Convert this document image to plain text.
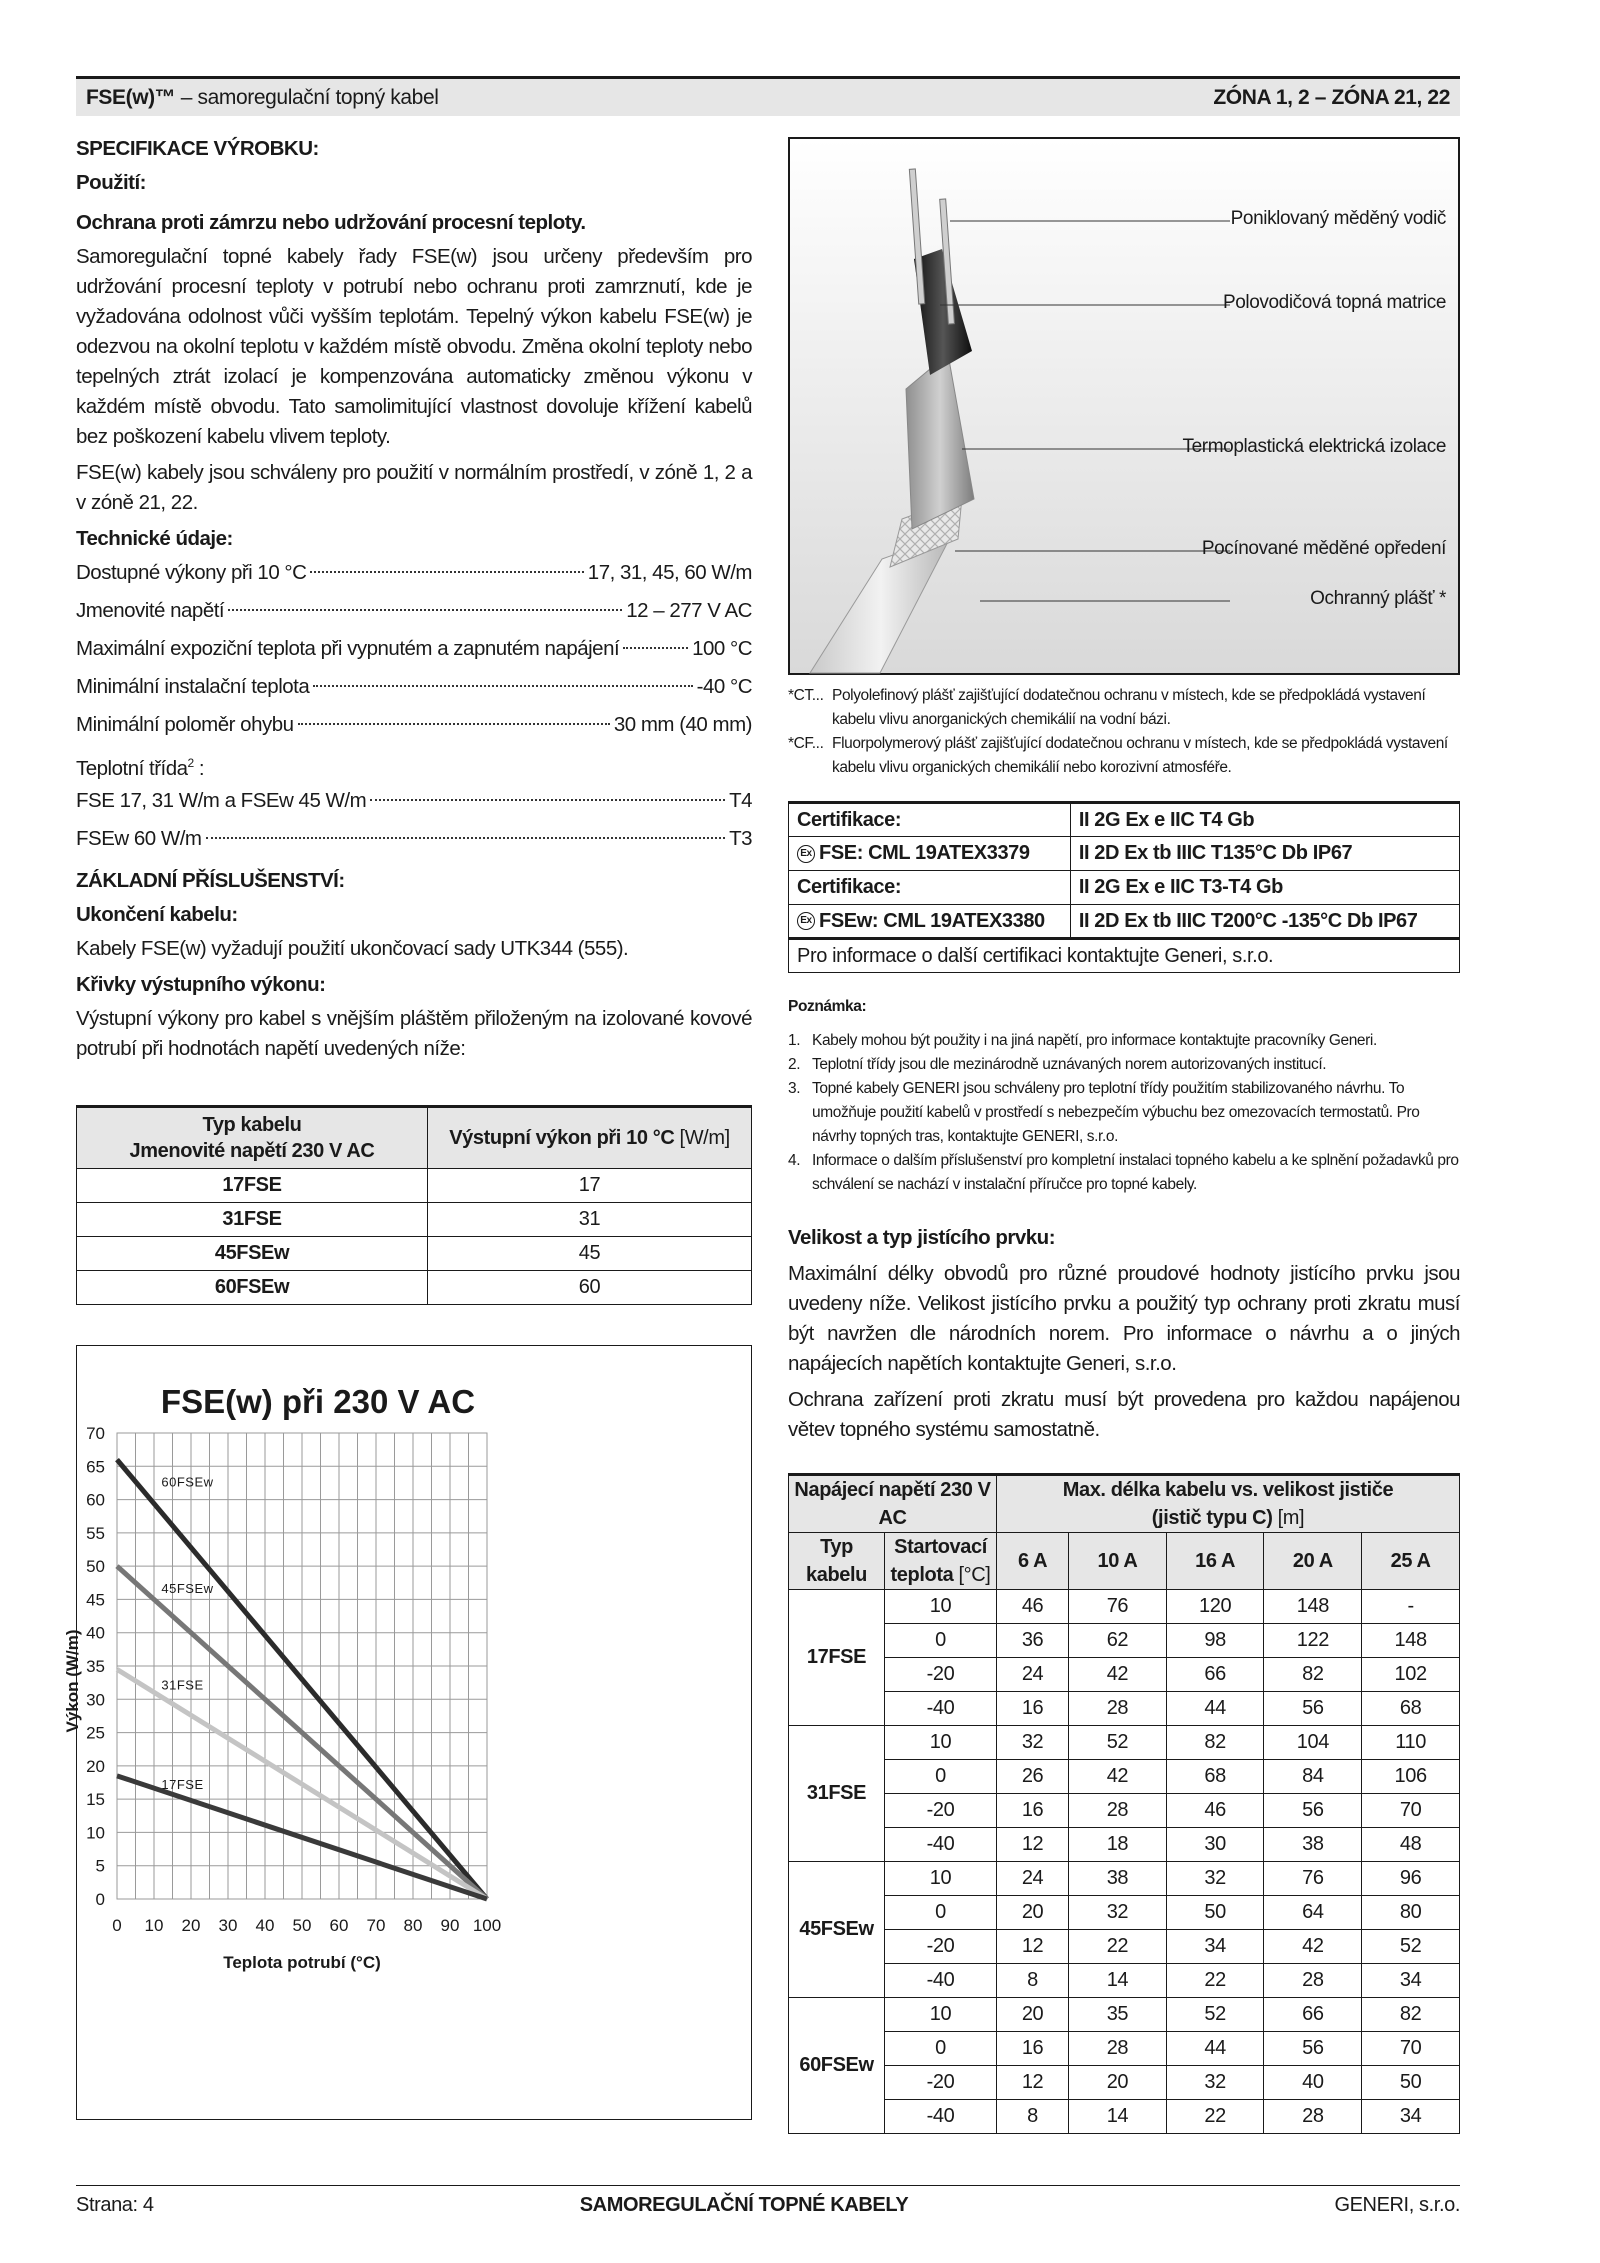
FSE(w)™ – samoregulační topný kabel	ZÓNA 1, 2 – ZÓNA 21, 22

SPECIFIKACE VÝROBKU:

Použití:

Ochrana proti zámrzu nebo udržování procesní teploty.

Samoregulační topné kabely řady FSE(w) jsou určeny především pro udržování procesní teploty v potrubí nebo ochranu proti zamrznutí, kde je vyžadována odolnost vůči vyšším teplotám. Tepelný výkon kabelu FSE(w) je odezvou na okolní teplotu v každém místě obvodu. Změna okolní teploty nebo tepelných ztrát izolací je kompenzována automaticky změnou výkonu v každém místě obvodu. Tato samolimitující vlastnost dovoluje křížení kabelů bez poškození kabelu vlivem teploty.

FSE(w) kabely jsou schváleny pro použití v normálním prostředí, v zóně 1, 2 a v zóně 21, 22.

Technické údaje:

Dostupné výkony při 10 °C	17, 31, 45, 60 W/m
Jmenovité napětí	12 – 277 V AC
Maximální expoziční teplota při vypnutém a zapnutém napájení	100 °C
Minimální instalační teplota	-40 °C
Minimální poloměr ohybu	30 mm (40 mm)
Teplotní třída$^2$ :
FSE 17, 31 W/m a FSEw 45 W/m	T4
FSEw 60 W/m	T3

ZÁKLADNÍ PŘÍSLUŠENSTVÍ:

Ukončení kabelu:

Kabely FSE(w) vyžadují použití ukončovací sady UTK344 (555).

Křivky výstupního výkonu:

Výstupní výkony pro kabel s vnějším pláštěm přiloženým na izolované kovové potrubí při hodnotách napětí uvedených níže:

Typ kabelu
Jmenovité napětí 230 V AC	Výstupní výkon při 10 °C [W/m]
17FSE	17
31FSE	31
45FSEw	45
60FSEw	60
FSE(w) při 230 V AC
0 10 20 30 40 50 60 70 80 90 100
0
5
10
15
20
25
30
35
40
45
50
55
60
65
70
Teplota potrubí (°C)
Výkon (W/m)
60FSEw
45FSEw
31FSE
17FSE
Poniklovaný měděný vodič
Polovodičová topná matrice
Termoplastická elektrická izolace
Pocínované měděné opředení
Ochranný plášť *
*CT... Polyolefinový plášť zajišťující dodatečnou ochranu v místech, kde se předpokládá vystavení kabelu vlivu anorganických chemikálií na vodní bázi.
*CF... Fluorpolymerový plášť zajišťující dodatečnou ochranu v místech, kde se předpokládá vystavení kabelu vlivu organických chemikálií nebo korozivní atmosféře.
Certifikace:	II 2G Ex e IIC T4 Gb
Ex FSE: CML 19ATEX3379	II 2D Ex tb IIIC T135°C Db IP67
Certifikace:	II 2G Ex e IIC T3-T4 Gb
Ex FSEw: CML 19ATEX3380	II 2D Ex tb IIIC T200°C -135°C Db IP67
Pro informace o další certifikaci kontaktujte Generi, s.r.o.	
Poznámka:
1. Kabely mohou být použity i na jiná napětí, pro informace kontaktujte pracovníky Generi.
2. Teplotní třídy jsou dle mezinárodně uznávaných norem autorizovaných institucí.
3. Topné kabely GENERI jsou schváleny pro teplotní třídy použitím stabilizovaného návrhu. To umožňuje použití kabelů v prostředí s nebezpečím výbuchu bez omezovacích termostatů. Pro návrhy topných tras, kontaktujte GENERI, s.r.o.
4. Informace o dalším příslušenství pro kompletní instalaci topného kabelu a ke splnění požadavků pro schválení se nachází v instalační příručce pro topné kabely.

Velikost a typ jistícího prvku:

Maximální délky obvodů pro různé proudové hodnoty jistícího prvku jsou uvedeny níže. Velikost jistícího prvku a použitý typ ochrany proti zkratu musí být navržen dle národních norem. Pro informace o návrhu a o jiných napájecích napětích kontaktujte Generi, s.r.o.

Ochrana zařízení proti zkratu musí být provedena pro každou napájenou větev topného systému samostatně.

Napájecí napětí 230 V AC		Max. délka kabelu vs. velikost jističe
(jistič typu C) [m]				
Typ kabelu	Startovací
teplota [°C]					
		6 A	10 A	16 A	20 A	25 A
17FSE	10	46	76	120	148	-
	0	36	62	98	122	148
	-20	24	42	66	82	102
	-40	16	28	44	56	68
31FSE	10	32	52	82	104	110
	0	26	42	68	84	106
	-20	16	28	46	56	70
	-40	12	18	30	38	48
45FSEw	10	24	38	32	76	96
	0	20	32	50	64	80
	-20	12	22	34	42	52
	-40	8	14	22	28	34
60FSEw	10	20	35	52	66	82
	0	16	28	44	56	70
	-20	12	20	32	40	50
	-40	8	14	22	28	34
Strana: 4	SAMOREGULAČNÍ TOPNÉ KABELY	GENERI, s.r.o.
